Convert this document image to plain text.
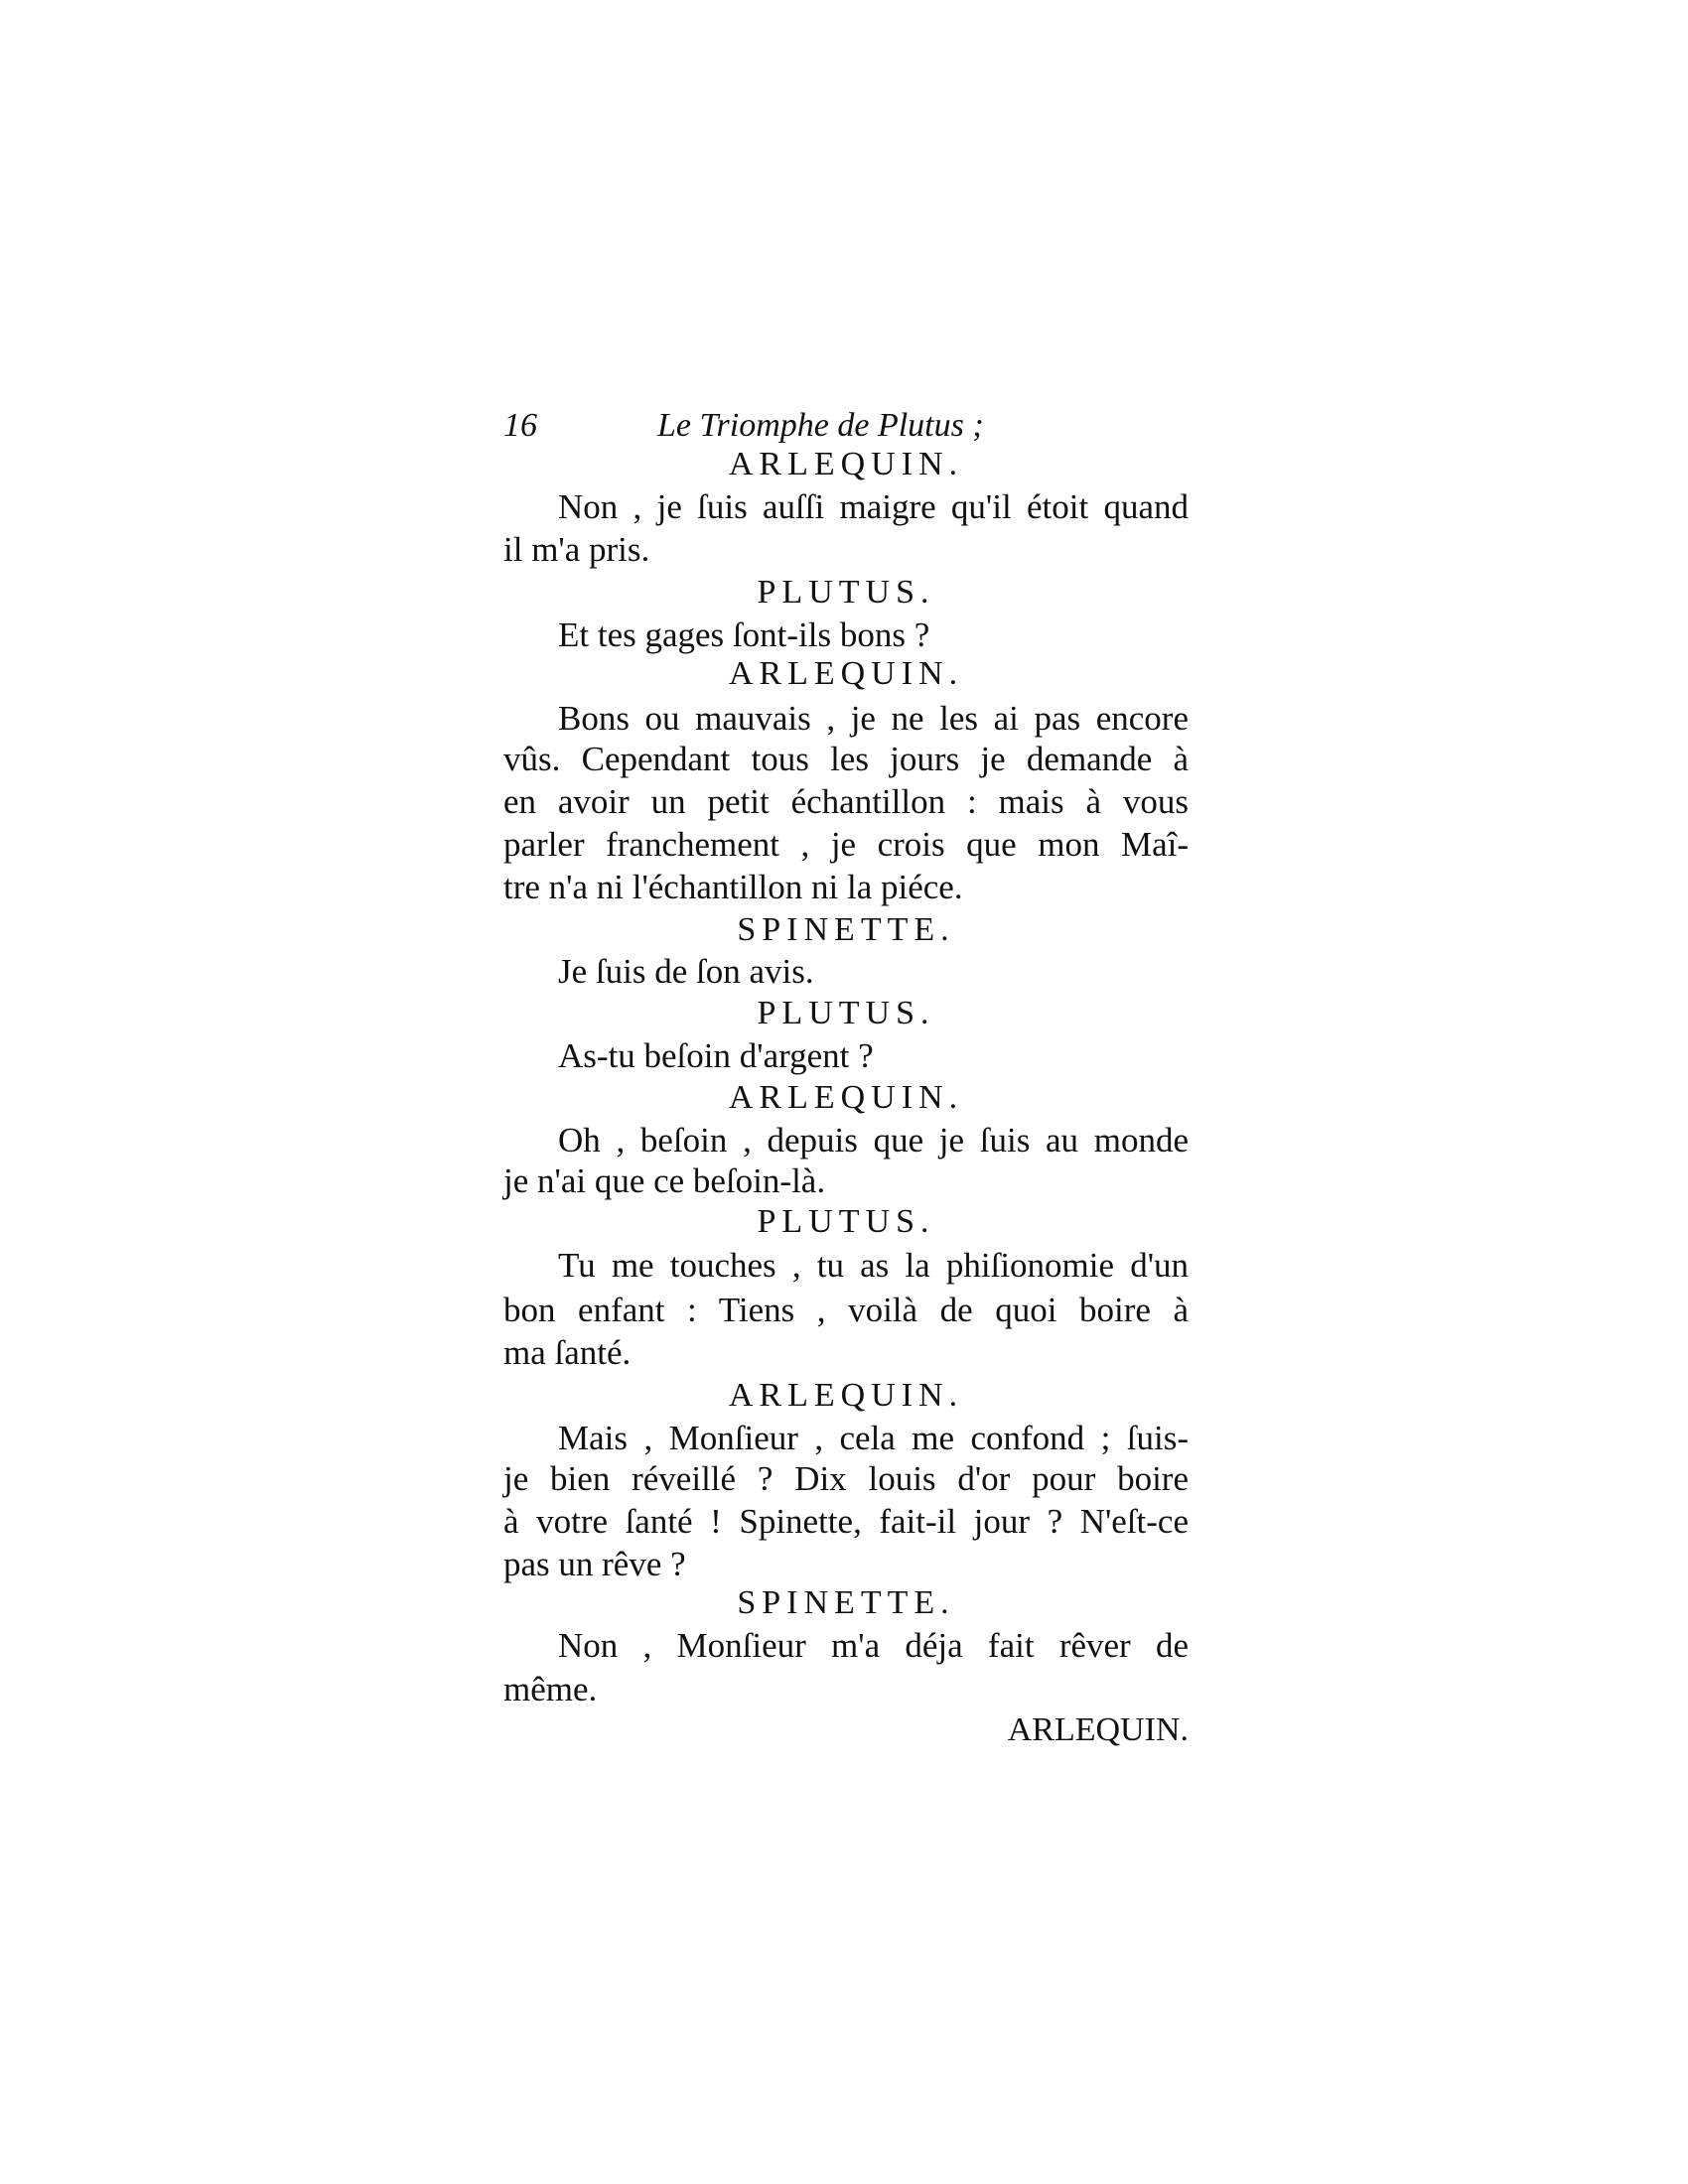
16	Le Triomphe de Plutus ;
ARLEQUIN.
Non , je ſuis auſſi maigre qu'il étoit quand
il m'a pris.
PLUTUS.
Et tes gages ſont-ils bons ?
ARLEQUIN.
Bons ou mauvais , je ne les ai pas encore
vûs. Cependant tous les jours je demande à
en avoir un petit échantillon : mais à vous
parler franchement , je crois que mon Maî-
tre n'a ni l'échantillon ni la piéce.
SPINETTE.
Je ſuis de ſon avis.
PLUTUS.
As-tu beſoin d'argent ?
ARLEQUIN.
Oh , beſoin , depuis que je ſuis au monde
je n'ai que ce beſoin-là.
PLUTUS.
Tu me touches , tu as la phiſionomie d'un
bon enfant : Tiens , voilà de quoi boire à
ma ſanté.
ARLEQUIN.
Mais , Monſieur , cela me confond ; ſuis-
je bien réveillé ? Dix louis d'or pour boire
à votre ſanté ! Spinette, fait-il jour ? N'eſt-ce
pas un rêve ?
SPINETTE.
Non , Monſieur m'a déja fait rêver de
même.
ARLEQUIN.
